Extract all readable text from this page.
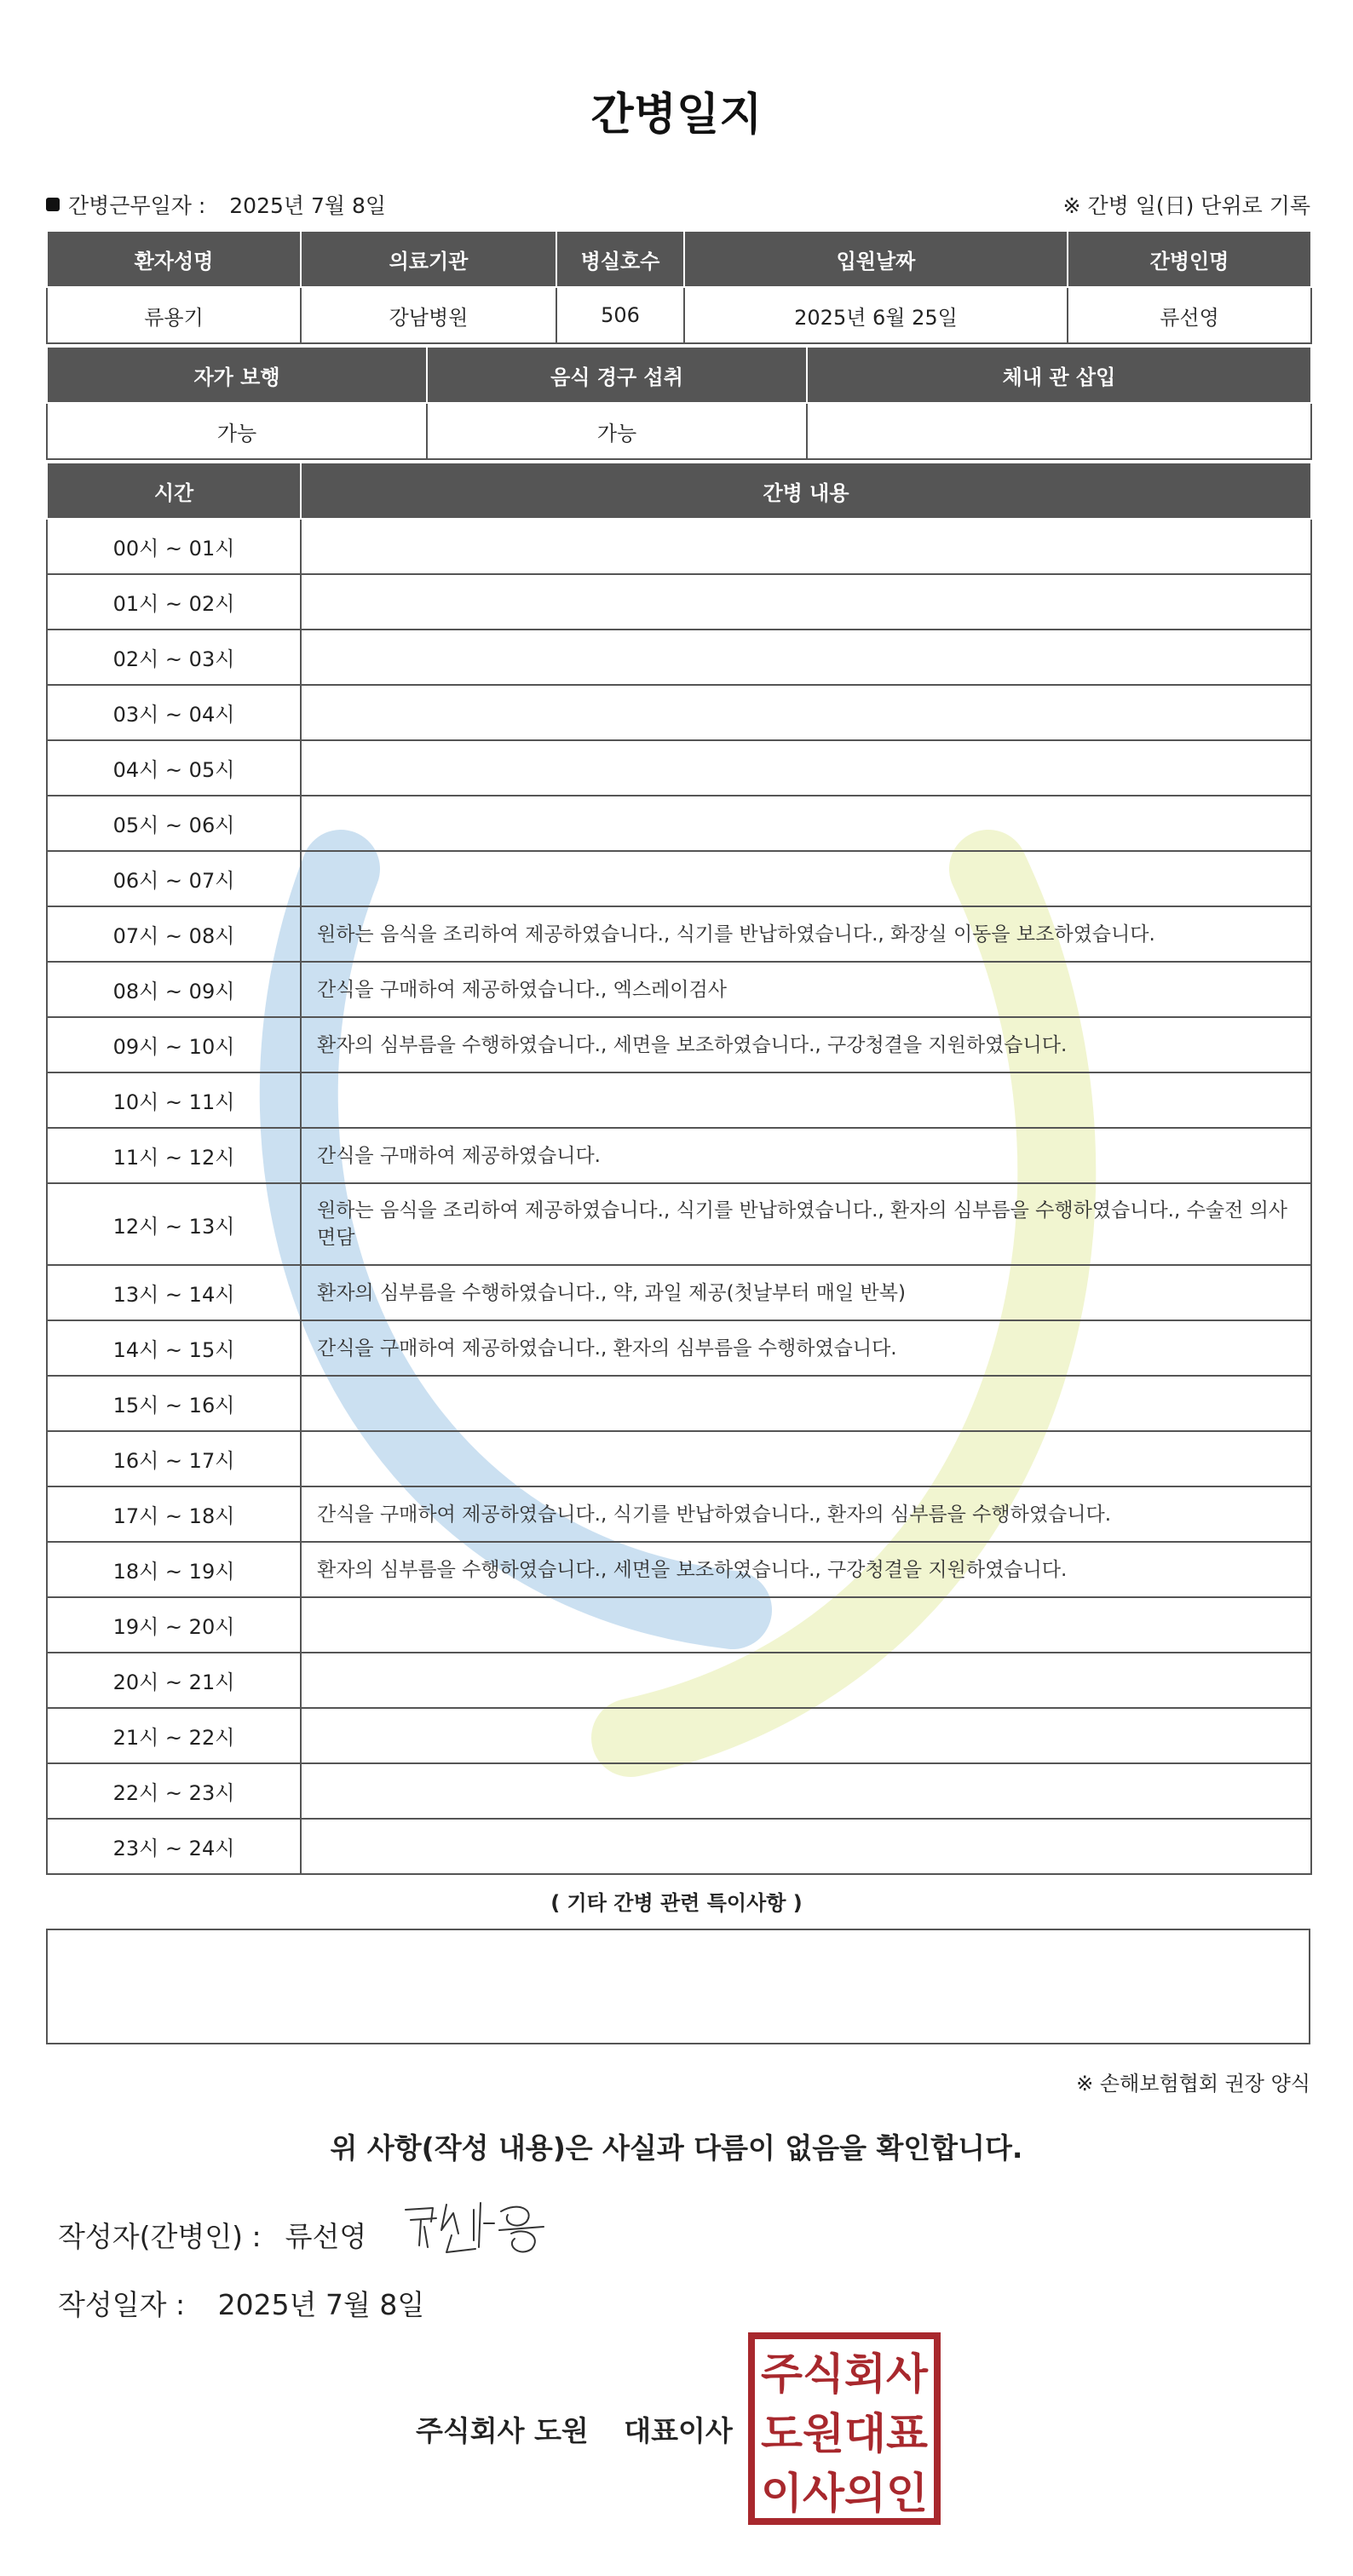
간병일지
간병근무일자 : 2025년 7월 8일	※ 간병 일(日) 단위로 기록
환자성명	의료기관	병실호수	입원날짜	간병인명
류용기	강남병원	506	2025년 6월 25일	류선영
자가 보행	음식 경구 섭취	체내 관 삽입
가능	가능	
시간	간병 내용
00시 ~ 01시	
01시 ~ 02시	
02시 ~ 03시	
03시 ~ 04시	
04시 ~ 05시	
05시 ~ 06시	
06시 ~ 07시	
07시 ~ 08시	원하는 음식을 조리하여 제공하였습니다., 식기를 반납하였습니다., 화장실 이동을 보조하였습니다.
08시 ~ 09시	간식을 구매하여 제공하였습니다., 엑스레이검사
09시 ~ 10시	환자의 심부름을 수행하였습니다., 세면을 보조하였습니다., 구강청결을 지원하였습니다.
10시 ~ 11시	
11시 ~ 12시	간식을 구매하여 제공하였습니다.
12시 ~ 13시	원하는 음식을 조리하여 제공하였습니다., 식기를 반납하였습니다., 환자의 심부름을 수행하였습니다., 수술전 의사면담
13시 ~ 14시	환자의 심부름을 수행하였습니다., 약, 과일 제공(첫날부터 매일 반복)
14시 ~ 15시	간식을 구매하여 제공하였습니다., 환자의 심부름을 수행하였습니다.
15시 ~ 16시	
16시 ~ 17시	
17시 ~ 18시	간식을 구매하여 제공하였습니다., 식기를 반납하였습니다., 환자의 심부름을 수행하였습니다.
18시 ~ 19시	환자의 심부름을 수행하였습니다., 세면을 보조하였습니다., 구강청결을 지원하였습니다.
19시 ~ 20시	
20시 ~ 21시	
21시 ~ 22시	
22시 ~ 23시	
23시 ~ 24시	
( 기타 간병 관련 특이사항 )
※ 손해보험협회 권장 양식
위 사항(작성 내용)은 사실과 다름이 없음을 확인합니다.
작성자(간병인) : 류선영
작성일자 : 2025년 7월 8일
주식회사 도원 대표이사
주식회사
도원대표
이사의인
